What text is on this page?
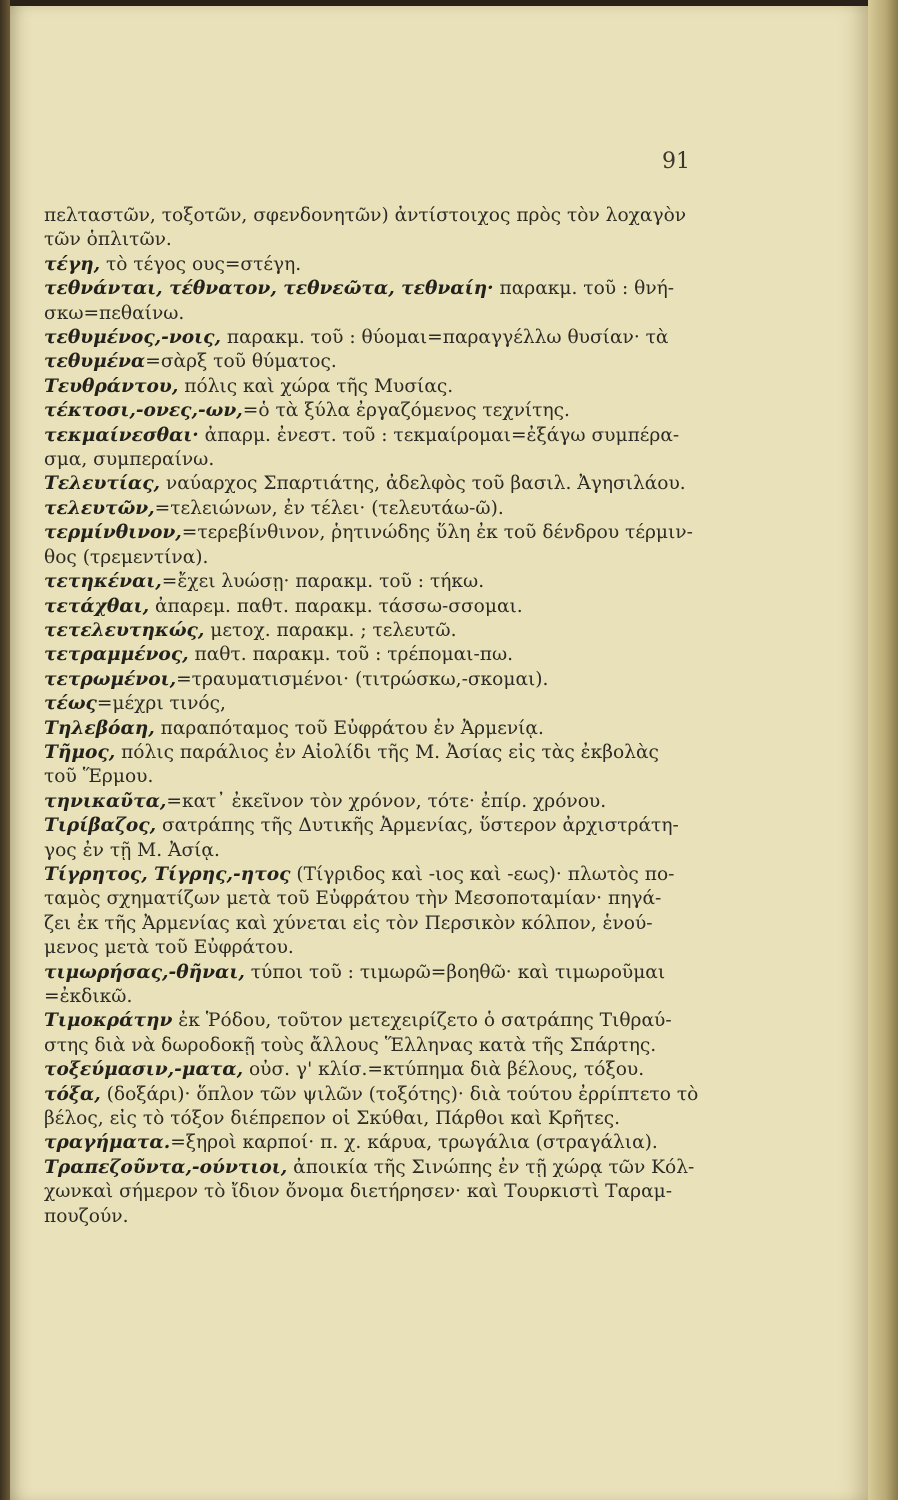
91

πελταστῶν, τοξοτῶν, σφενδονητῶν) ἀντίστοιχος πρὸς τὸν λοχαγὸν

τῶν ὁπλιτῶν.

τέγη, τὸ τέγος ους=στέγη.

τεθνάνται, τέθνατον, τεθνεῶτα, τεθναίη· παρακμ. τοῦ : θνή-

σκω=πεθαίνω.

τεθυμένος,-νοις, παρακμ. τοῦ : θύομαι=παραγγέλλω θυσίαν· τὰ

τεθυμένα=σὰρξ τοῦ θύματος.

Τευθράντου, πόλις καὶ χώρα τῆς Μυσίας.

τέκτοσι,-ονες,-ων,=ὁ τὰ ξύλα ἐργαζόμενος τεχνίτης.

τεκμαίνεσθαι· ἀπαρμ. ἐνεστ. τοῦ : τεκμαίρομαι=ἐξάγω συμπέρα-

σμα, συμπεραίνω.

Τελευτίας, ναύαρχος Σπαρτιάτης, ἀδελφὸς τοῦ βασιλ. Ἀγησιλάου.

τελευτῶν,=τελειώνων, ἐν τέλει· (τελευτάω-ῶ).

τερμίνθινον,=τερεβίνθινον, ῥητινώδης ὕλη ἐκ τοῦ δένδρου τέρμιν-

θος (τρεμεντίνα).

τετηκέναι,=ἔχει λυώσῃ· παρακμ. τοῦ : τήκω.

τετάχθαι, ἀπαρεμ. παθτ. παρακμ. τάσσω-σσομαι.

τετελευτηκώς, μετοχ. παρακμ. ; τελευτῶ.

τετραμμένος, παθτ. παρακμ. τοῦ : τρέπομαι-πω.

τετρωμένοι,=τραυματισμένοι· (τιτρώσκω,-σκομαι).

τέως=μέχρι τινός,

Τηλεβόαη, παραπόταμος τοῦ Εὐφράτου ἐν Ἀρμενίᾳ.

Τῆμος, πόλις παράλιος ἐν Αἰολίδι τῆς Μ. Ἀσίας εἰς τὰς ἐκβολὰς

τοῦ Ἕρμου.

τηνικαῦτα,=κατ᾽ ἐκεῖνον τὸν χρόνον, τότε· ἐπίρ. χρόνου.

Τιρίβαζος, σατράπης τῆς Δυτικῆς Ἀρμενίας, ὕστερον ἀρχιστράτη-

γος ἐν τῇ Μ. Ἀσίᾳ.

Τίγρητος, Τίγρης,-ητος (Τίγριδος καὶ -ιος καὶ -εως)· πλωτὸς πο-

ταμὸς σχηματίζων μετὰ τοῦ Εὐφράτου τὴν Μεσοποταμίαν· πηγά-

ζει ἐκ τῆς Ἀρμενίας καὶ χύνεται εἰς τὸν Περσικὸν κόλπον, ἑνού-

μενος μετὰ τοῦ Εὐφράτου.

τιμωρήσας,-θῆναι, τύποι τοῦ : τιμωρῶ=βοηθῶ· καὶ τιμωροῦμαι

=ἐκδικῶ.

Τιμοκράτην ἐκ Ῥόδου, τοῦτον μετεχειρίζετο ὁ σατράπης Τιθραύ-

στης διὰ νὰ δωροδοκῇ τοὺς ἄλλους Ἕλληνας κατὰ τῆς Σπάρτης.

τοξεύμασιν,-ματα, οὐσ. γ' κλίσ.=κτύπημα διὰ βέλους, τόξου.

τόξα, (δοξάρι)· ὅπλον τῶν ψιλῶν (τοξότης)· διὰ τούτου ἐρρίπτετο τὸ

βέλος, εἰς τὸ τόξον διέπρεπον οἱ Σκύθαι, Πάρθοι καὶ Κρῆτες.

τραγήματα.=ξηροὶ καρποί· π. χ. κάρυα, τρωγάλια (στραγάλια).

Τραπεζοῦντα,-ούντιοι, ἀποικία τῆς Σινώπης ἐν τῇ χώρᾳ τῶν Κόλ-

χωνκαὶ σήμερον τὸ ἴδιον ὄνομα διετήρησεν· καὶ Τουρκιστὶ Ταραμ-

πουζούν.
